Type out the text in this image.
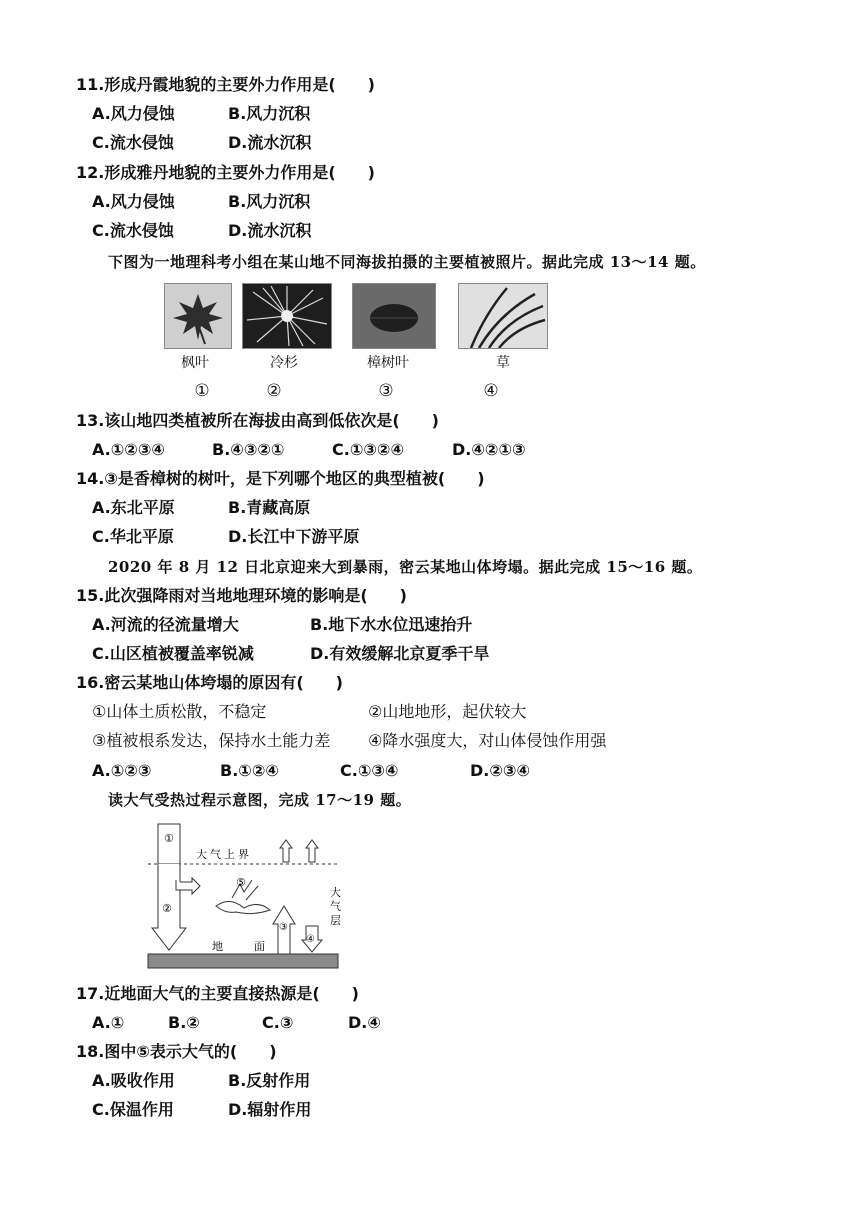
11.形成丹霞地貌的主要外力作用是(　　)
A.风力侵蚀	B.风力沉积
C.流水侵蚀	D.流水沉积
12.形成雅丹地貌的主要外力作用是(　　)
A.风力侵蚀	B.风力沉积
C.流水侵蚀	D.流水沉积
下图为一地理科考小组在某山地不同海拔拍摄的主要植被照片。据此完成 13～14 题。
枫叶	冷杉	樟树叶	草
①	②	③	④
13.该山地四类植被所在海拔由高到低依次是(　　)
A.①②③④	B.④③②①	C.①③②④	D.④②①③
14.③是香樟树的树叶，是下列哪个地区的典型植被(　　)
A.东北平原	B.青藏高原
C.华北平原	D.长江中下游平原
2020 年 8 月 12 日北京迎来大到暴雨，密云某地山体垮塌。据此完成 15～16 题。
15.此次强降雨对当地地理环境的影响是(　　)
A.河流的径流量增大	B.地下水水位迅速抬升
C.山区植被覆盖率锐减	D.有效缓解北京夏季干旱
16.密云某地山体垮塌的原因有(　　)
①山体土质松散，不稳定	②山地地形，起伏较大
③植被根系发达，保持水土能力差 ④降水强度大，对山体侵蚀作用强
A.①②③	B.①②④	C.①③④	D.②③④
读大气受热过程示意图，完成 17～19 题。
①
②
③
④
⑤
大气上界
大
气
层
地	面
17.近地面大气的主要直接热源是(　　)
A.①	B.②	C.③	D.④
18.图中⑤表示大气的(　　)
A.吸收作用	B.反射作用
C.保温作用	D.辐射作用
